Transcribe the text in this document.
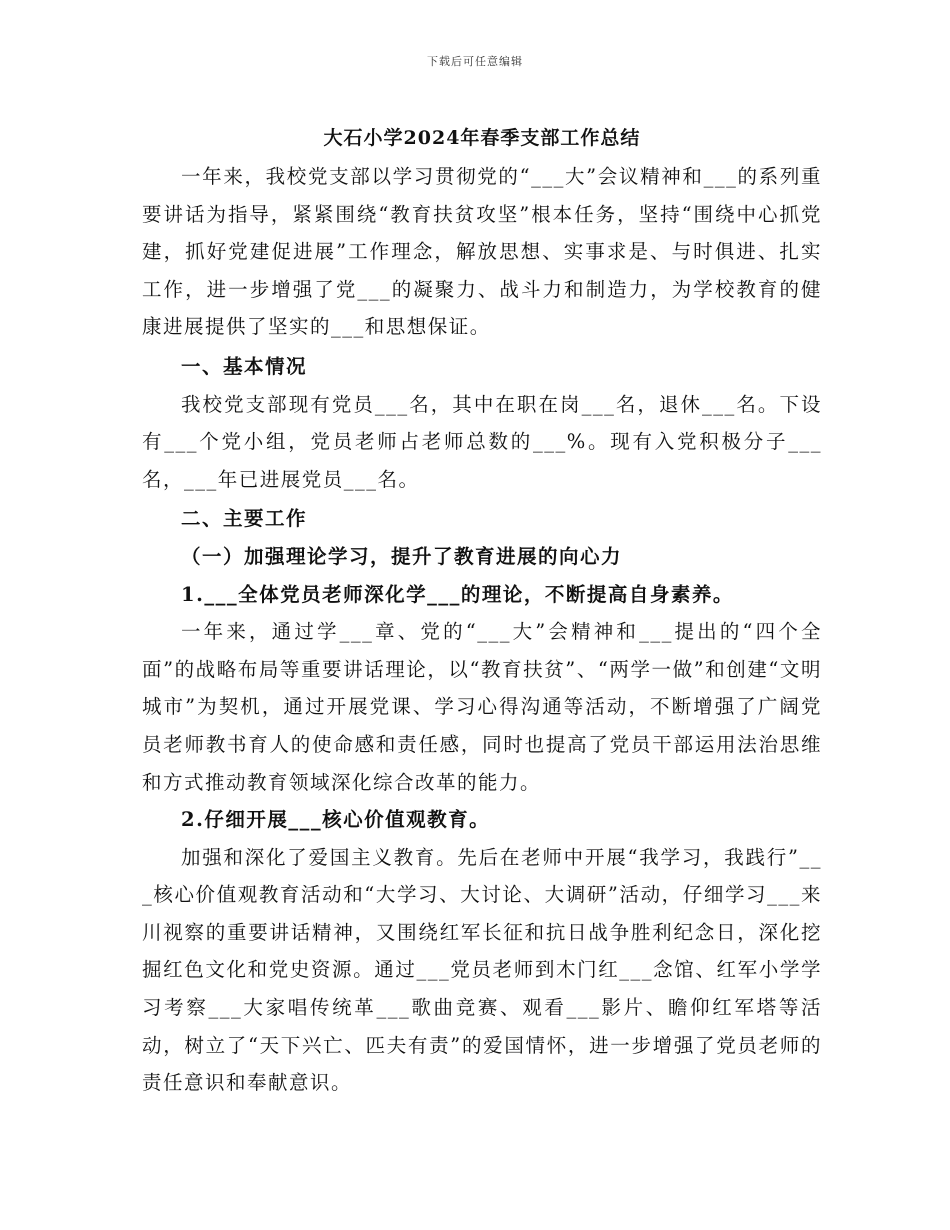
下载后可任意编辑
大石小学2024年春季支部工作总结

一年来，我校党支部以学习贯彻党的“___大”会议精神和___的系列重要讲话为指导，紧紧围绕“教育扶贫攻坚”根本任务，坚持“围绕中心抓党建，抓好党建促进展”工作理念，解放思想、实事求是、与时俱进、扎实工作，进一步增强了党___的凝聚力、战斗力和制造力，为学校教育的健康进展提供了坚实的___和思想保证。

一、基本情况

我校党支部现有党员___名，其中在职在岗___名，退休___名。下设有___个党小组，党员老师占老师总数的___%。现有入党积极分子___名，___年已进展党员___名。

二、主要工作

（一）加强理论学习，提升了教育进展的向心力

1.___全体党员老师深化学___的理论，不断提高自身素养。

一年来，通过学___章、党的“___大”会精神和___提出的“四个全面”的战略布局等重要讲话理论，以“教育扶贫”、“两学一做”和创建“文明城市”为契机，通过开展党课、学习心得沟通等活动，不断增强了广阔党员老师教书育人的使命感和责任感，同时也提高了党员干部运用法治思维和方式推动教育领域深化综合改革的能力。

2.仔细开展___核心价值观教育。

加强和深化了爱国主义教育。先后在老师中开展“我学习，我践行”___核心价值观教育活动和“大学习、大讨论、大调研”活动，仔细学习___来川视察的重要讲话精神，又围绕红军长征和抗日战争胜利纪念日，深化挖掘红色文化和党史资源。通过___党员老师到木门红___念馆、红军小学学习考察___大家唱传统革___歌曲竞赛、观看___影片、瞻仰红军塔等活动，树立了“天下兴亡、匹夫有责”的爱国情怀，进一步增强了党员老师的责任意识和奉献意识。
